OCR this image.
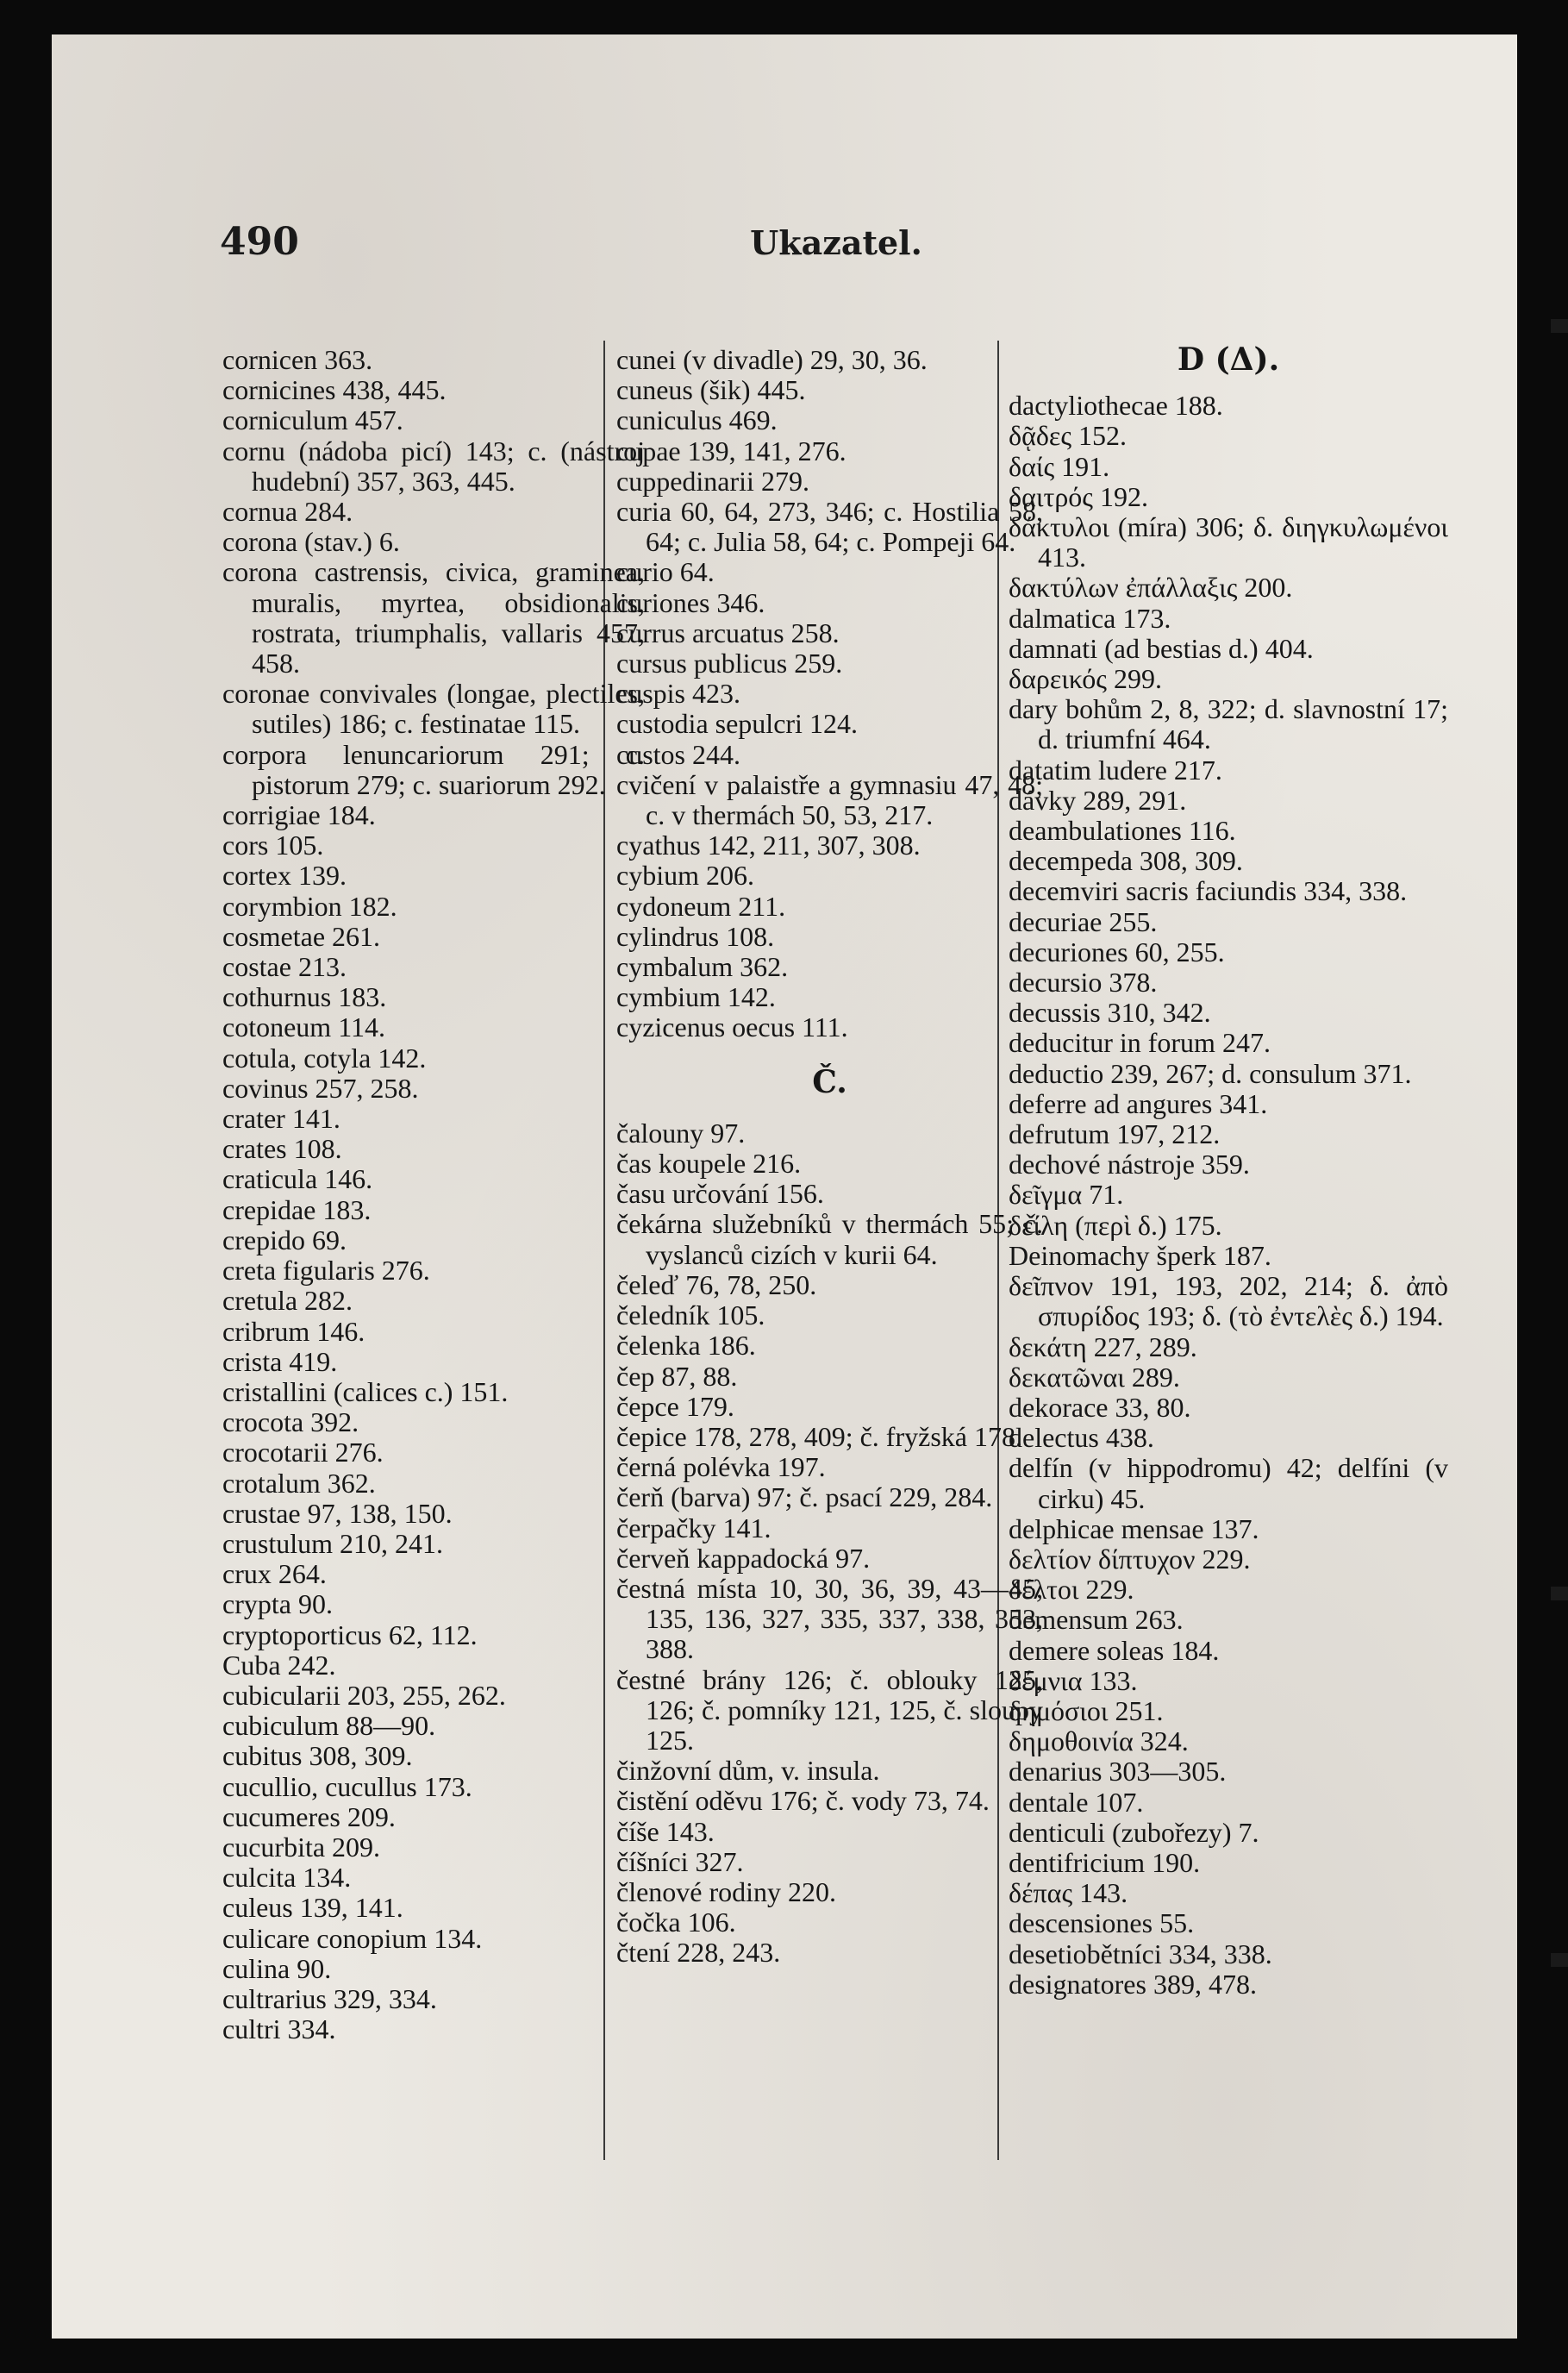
490	Ukazatel.
cornicen 363.
cornicines 438, 445.
corniculum 457.
cornu (nádoba picí) 143; c. (nástroj hudební) 357, 363, 445.
cornua 284.
corona (stav.) 6.
corona castrensis, civica, graminea, muralis, myrtea, obsidionalis, rostrata, triumphalis, vallaris 457, 458.
coronae convivales (longae, plectiles, sutiles) 186; c. festinatae 115.
corpora lenuncariorum 291; c. pistorum 279; c. suariorum 292.
corrigiae 184.
cors 105.
cortex 139.
corymbion 182.
cosmetae 261.
costae 213.
cothurnus 183.
cotoneum 114.
cotula, cotyla 142.
covinus 257, 258.
crater 141.
crates 108.
craticula 146.
crepidae 183.
crepido 69.
creta figularis 276.
cretula 282.
cribrum 146.
crista 419.
cristallini (calices c.) 151.
crocota 392.
crocotarii 276.
crotalum 362.
crustae 97, 138, 150.
crustulum 210, 241.
crux 264.
crypta 90.
cryptoporticus 62, 112.
Cuba 242.
cubicularii 203, 255, 262.
cubiculum 88—90.
cubitus 308, 309.
cucullio, cucullus 173.
cucumeres 209.
cucurbita 209.
culcita 134.
culeus 139, 141.
culicare conopium 134.
culina 90.
cultrarius 329, 334.
cultri 334.
cunei (v divadle) 29, 30, 36.
cuneus (šik) 445.
cuniculus 469.
cupae 139, 141, 276.
cuppedinarii 279.
curia 60, 64, 273, 346; c. Hostilia 58, 64; c. Julia 58, 64; c. Pompeji 64.
curio 64.
curiones 346.
currus arcuatus 258.
cursus publicus 259.
cuspis 423.
custodia sepulcri 124.
custos 244.
cvičení v palaistře a gymnasiu 47, 48; c. v thermách 50, 53, 217.
cyathus 142, 211, 307, 308.
cybium 206.
cydoneum 211.
cylindrus 108.
cymbalum 362.
cymbium 142.
cyzicenus oecus 111.
Č.
čalouny 97.
čas koupele 216.
času určování 156.
čekárna služebníků v thermách 55; č. vyslanců cizích v kurii 64.
čeleď 76, 78, 250.
čeledník 105.
čelenka 186.
čep 87, 88.
čepce 179.
čepice 178, 278, 409; č. fryžská 178.
černá polévka 197.
čerň (barva) 97; č. psací 229, 284.
čerpačky 141.
červeň kappadocká 97.
čestná místa 10, 30, 36, 39, 43—45, 135, 136, 327, 335, 337, 338, 353, 388.
čestné brány 126; č. oblouky 125, 126; č. pomníky 121, 125, č. sloupy 125.
činžovní dům, v. insula.
čistění oděvu 176; č. vody 73, 74.
číše 143.
číšníci 327.
členové rodiny 220.
čočka 106.
čtení 228, 243.
D (Δ).
dactyliothecae 188.
δᾷδες 152.
δαίς 191.
δαιτρός 192.
δάκτυλοι (míra) 306; δ. διηγκυλωμένοι 413.
δακτύλων ἐπάλλαξις 200.
dalmatica 173.
damnati (ad bestias d.) 404.
δαρεικός 299.
dary bohům 2, 8, 322; d. slavnostní 17; d. triumfní 464.
datatim ludere 217.
dávky 289, 291.
deambulationes 116.
decempeda 308, 309.
decemviri sacris faciundis 334, 338.
decuriae 255.
decuriones 60, 255.
decursio 378.
decussis 310, 342.
deducitur in forum 247.
deductio 239, 267; d. consulum 371.
deferre ad angures 341.
defrutum 197, 212.
dechové nástroje 359.
δεῖγμα 71.
δείλη (περὶ δ.) 175.
Deinomachy šperk 187.
δεῖπνον 191, 193, 202, 214; δ. ἀπὸ σπυρίδος 193; δ. (τὸ ἐντελὲς δ.) 194.
δεκάτη 227, 289.
δεκατῶναι 289.
dekorace 33, 80.
delectus 438.
delfín (v hippodromu) 42; delfíni (v cirku) 45.
delphicae mensae 137.
δελτίον δίπτυχον 229.
δέλτοι 229.
demensum 263.
demere soleas 184.
δέμνια 133.
δημόσιοι 251.
δημοθοινία 324.
denarius 303—305.
dentale 107.
denticuli (zubořezy) 7.
dentifricium 190.
δέπας 143.
descensiones 55.
desetiobětníci 334, 338.
designatores 389, 478.
